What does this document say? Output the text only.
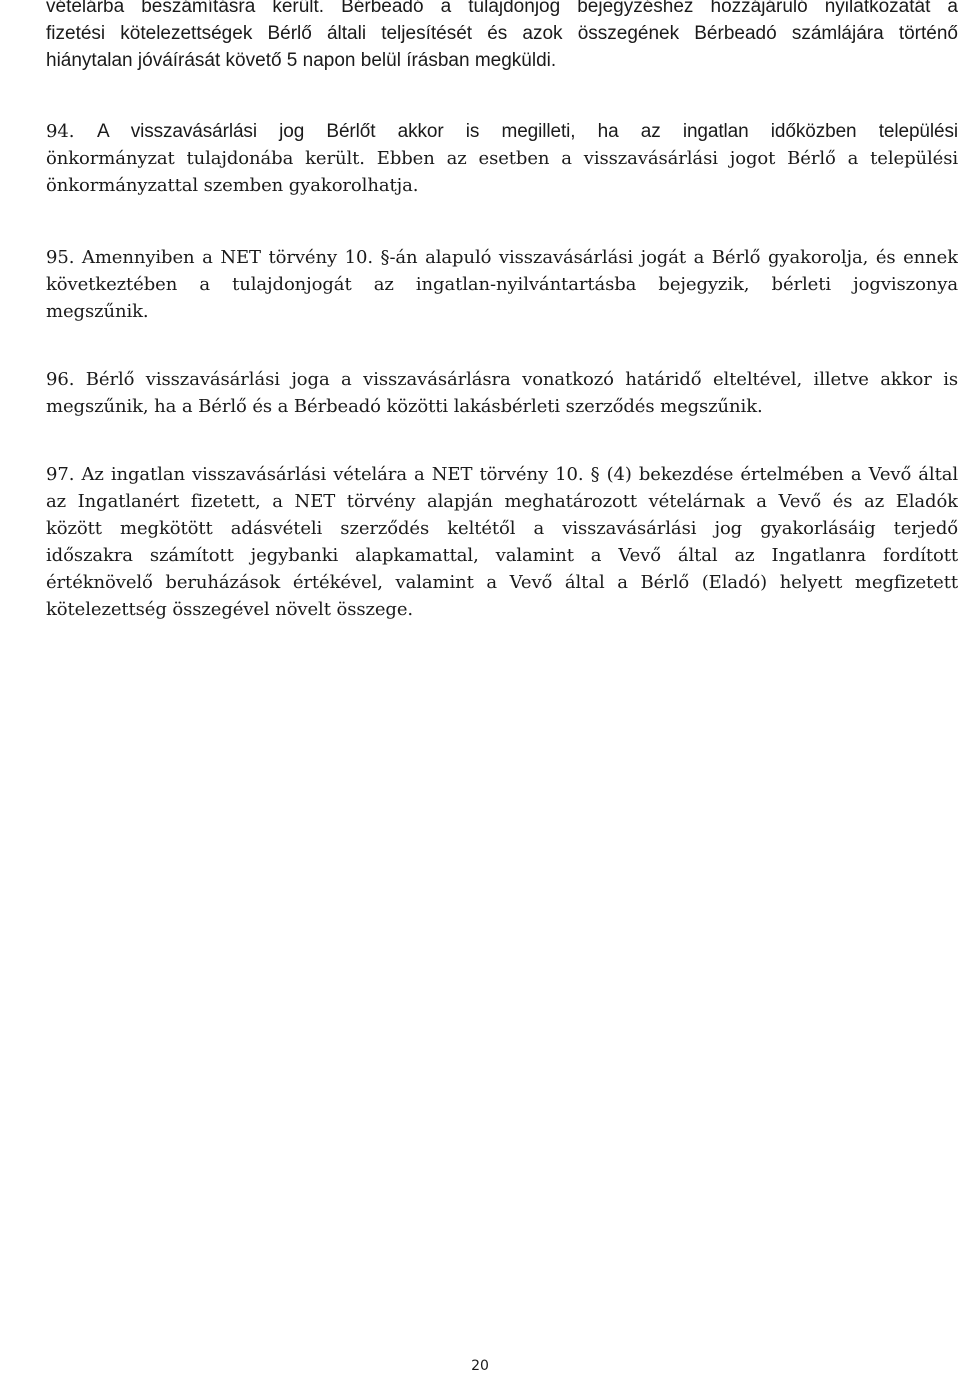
vételárba beszámításra került. Bérbeadó a tulajdonjog bejegyzéshez hozzájáruló nyilatkozatát a
fizetési kötelezettségek Bérlő általi teljesítését és azok összegének Bérbeadó számlájára történő
hiánytalan jóváírását követő 5 napon belül írásban megküldi.
94. A visszavásárlási jog Bérlőt akkor is megilleti, ha az ingatlan időközben települési
önkormányzat tulajdonába került. Ebben az esetben a visszavásárlási jogot Bérlő a települési
önkormányzattal szemben gyakorolhatja.
95. Amennyiben a NET törvény 10. §-án alapuló visszavásárlási jogát a Bérlő gyakorolja, és ennek
következtében a tulajdonjogát az ingatlan-nyilvántartásba bejegyzik, bérleti jogviszonya
megszűnik.
96. Bérlő visszavásárlási joga a visszavásárlásra vonatkozó határidő elteltével, illetve akkor is
megszűnik, ha a Bérlő és a Bérbeadó közötti lakásbérleti szerződés megszűnik.
97. Az ingatlan visszavásárlási vételára a NET törvény 10. § (4) bekezdése értelmében a Vevő által
az Ingatlanért fizetett, a NET törvény alapján meghatározott vételárnak a Vevő és az Eladók
között megkötött adásvételi szerződés keltétől a visszavásárlási jog gyakorlásáig terjedő
időszakra számított jegybanki alapkamattal, valamint a Vevő által az Ingatlanra fordított
értéknövelő beruházások értékével, valamint a Vevő által a Bérlő (Eladó) helyett megfizetett
kötelezettség összegével növelt összege.
20
